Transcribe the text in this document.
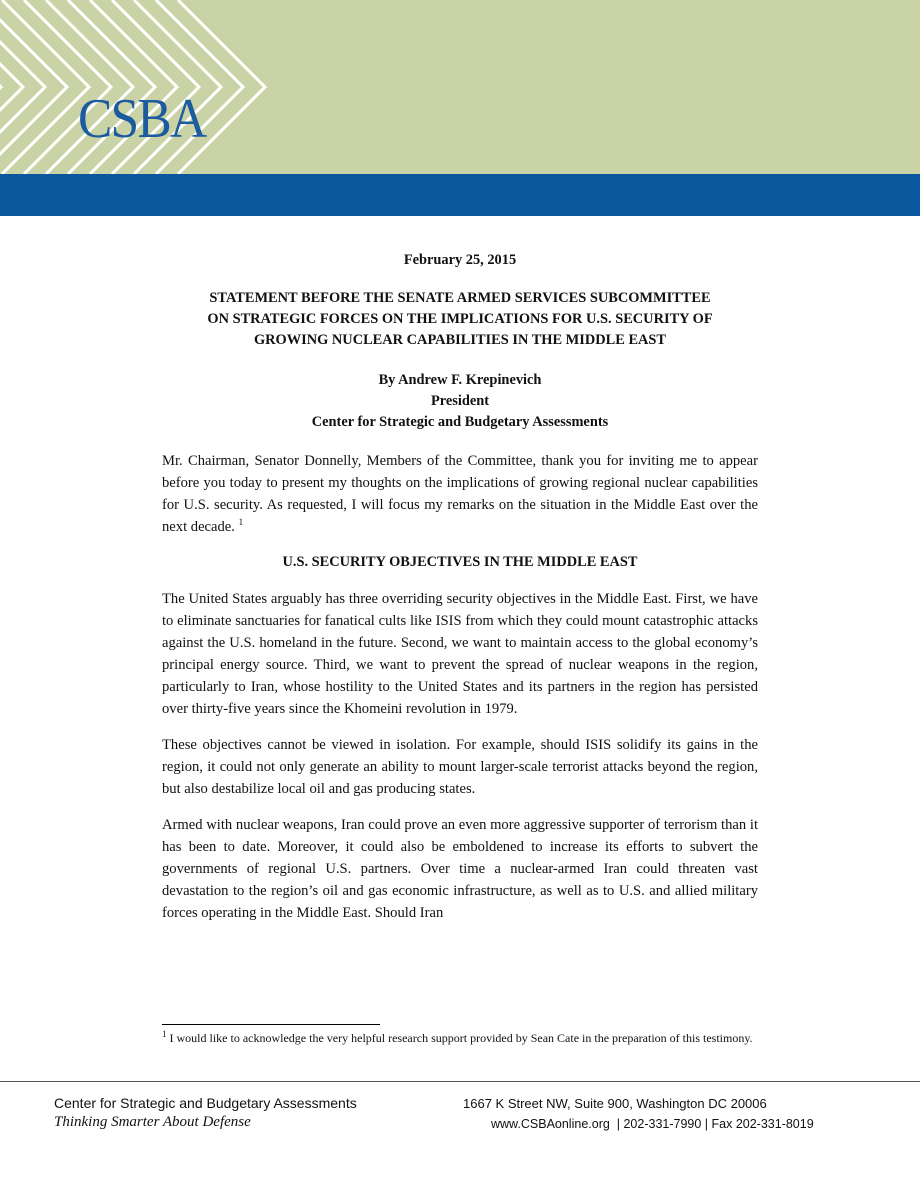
CSBA

February 25, 2015

STATEMENT BEFORE THE SENATE ARMED SERVICES SUBCOMMITTEE

ON STRATEGIC FORCES ON THE IMPLICATIONS FOR U.S. SECURITY OF

GROWING NUCLEAR CAPABILITIES IN THE MIDDLE EAST

By Andrew F. Krepinevich

President

Center for Strategic and Budgetary Assessments

Mr. Chairman, Senator Donnelly, Members of the Committee, thank you for inviting me to appear before you today to present my thoughts on the implications of growing regional nuclear capabilities for U.S. security. As requested, I will focus my remarks on the situation in the Middle East over the next decade. $^1$

U.S. SECURITY OBJECTIVES IN THE MIDDLE EAST

The United States arguably has three overriding security objectives in the Middle East. First, we have to eliminate sanctuaries for fanatical cults like ISIS from which they could mount catastrophic attacks against the U.S. homeland in the future. Second, we want to maintain access to the global economy’s principal energy source. Third, we want to prevent the spread of nuclear weapons in the region, particularly to Iran, whose hostility to the United States and its partners in the region has persisted over thirty-five years since the Khomeini revolution in 1979.

These objectives cannot be viewed in isolation. For example, should ISIS solidify its gains in the region, it could not only generate an ability to mount larger-scale terrorist attacks beyond the region, but also destabilize local oil and gas producing states.

Armed with nuclear weapons, Iran could prove an even more aggressive supporter of terrorism than it has been to date. Moreover, it could also be emboldened to increase its efforts to subvert the governments of regional U.S. partners. Over time a nuclear-armed Iran could threaten vast devastation to the region’s oil and gas economic infrastructure, as well as to U.S. and allied military forces operating in the Middle East. Should Iran

$^1$ I would like to acknowledge the very helpful research support provided by Sean Cate in the preparation of this testimony.
Center for Strategic and Budgetary Assessments
Thinking Smarter About Defense
1667 K Street NW, Suite 900, Washington DC 20006
www.CSBAonline.org  | 202-331-7990 | Fax 202-331-8019
